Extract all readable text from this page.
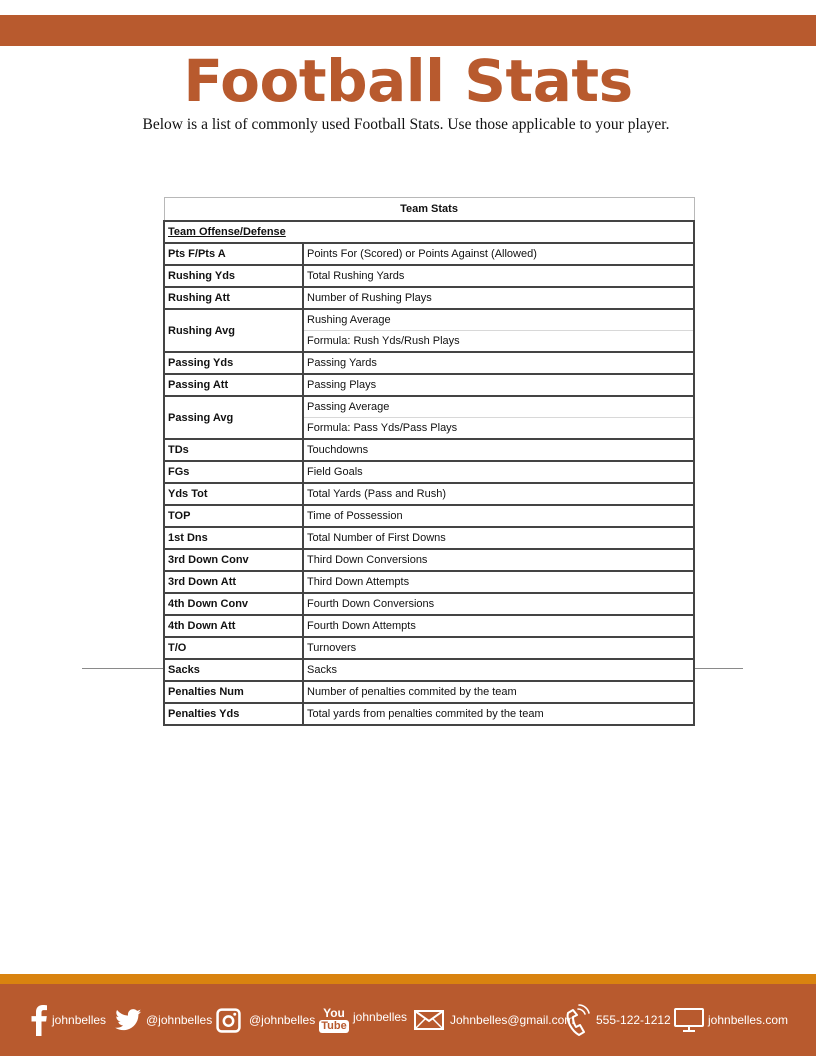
Football Stats
Below is a list of commonly used Football Stats. Use those applicable to your player.
Team Stats	
Team Offense/Defense	
Pts F/Pts A	Points For (Scored) or Points Against (Allowed)
Rushing Yds	Total Rushing Yards
Rushing Att	Number of Rushing Plays
Rushing Avg	Rushing Average
	Formula: Rush Yds/Rush Plays
Passing Yds	Passing Yards
Passing Att	Passing Plays
Passing Avg	Passing Average
	Formula: Pass Yds/Pass Plays
TDs	Touchdowns
FGs	Field Goals
Yds Tot	Total Yards (Pass and Rush)
TOP	Time of Possession
1st Dns	Total Number of First Downs
3rd Down Conv	Third Down Conversions
3rd Down Att	Third Down Attempts
4th Down Conv	Fourth Down Conversions
4th Down Att	Fourth Down Attempts
T/O	Turnovers
Sacks	Sacks
Penalties Num	Number of penalties commited by the team
Penalties Yds	Total yards from penalties commited by the team
johnbelles	@johnbelles	@johnbelles You
Tube
johnbelles	Johnbelles@gmail.com 555-122-1212	johnbelles.com
